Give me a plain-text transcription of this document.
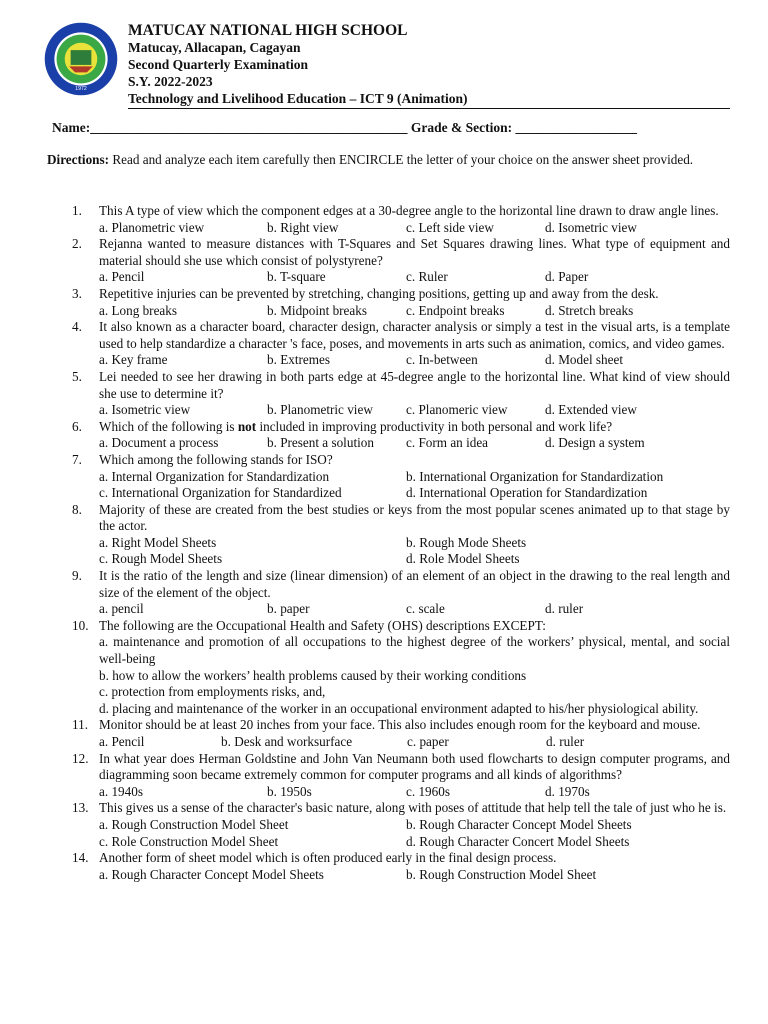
1972
MATUCAY NATIONAL HIGH SCHOOL
Matucay, Allacapan, Cagayan
Second Quarterly Examination
S.Y. 2022-2023
Technology and Livelihood Education – ICT 9 (Animation)
Name:_______________________________________________ Grade & Section: __________________
Directions: Read and analyze each item carefully then ENCIRCLE the letter of your choice on the answer sheet provided.
1.	This A type of view which the component edges at a 30-degree angle to the horizontal line drawn to draw angle lines.
a. Planometric view	b. Right view	c. Left side view	d. Isometric view
2.	Rejanna wanted to measure distances with T-Squares and Set Squares drawing lines. What type of equipment and material should she use which consist of polystyrene?
a. Pencil	b. T-square	c. Ruler	d. Paper
3.	Repetitive injuries can be prevented by stretching, changing positions, getting up and away from the desk.
a. Long breaks	b. Midpoint breaks	c. Endpoint breaks	d. Stretch breaks
4.	It also known as a character board, character design, character analysis or simply a test in the visual arts, is a template used to help standardize a character 's face, poses, and movements in arts such as animation, comics, and video games.
a. Key frame	b. Extremes	c. In-between	d. Model sheet
5.	Lei needed to see her drawing in both parts edge at 45-degree angle to the horizontal line. What kind of view should she use to determine it?
a. Isometric view	b. Planometric view	c. Planomeric view	d. Extended view
6.	Which of the following is not included in improving productivity in both personal and work life?
a. Document a process	b. Present a solution	c. Form an idea	d. Design a system
7.	Which among the following stands for ISO?
a. Internal Organization for Standardization	b. International Organization for Standardization
c. International Organization for Standardized	d. International Operation for Standardization
8.	Majority of these are created from the best studies or keys from the most popular scenes animated up to that stage by the actor.
a. Right Model Sheets	b. Rough Mode Sheets
c. Rough Model Sheets	d. Role Model Sheets
9.	It is the ratio of the length and size (linear dimension) of an element of an object in the drawing to the real length and size of the element of the object.
a. pencil	b. paper	c. scale	d. ruler
10. The following are the Occupational Health and Safety (OHS) descriptions EXCEPT:
a. maintenance and promotion of all occupations to the highest degree of the workers’ physical, mental, and social well-being
b. how to allow the workers’ health problems caused by their working conditions
c. protection from employments risks, and,
d. placing and maintenance of the worker in an occupational environment adapted to his/her physiological ability.
11. Monitor should be at least 20 inches from your face. This also includes enough room for the keyboard and mouse.
a. Pencil	b. Desk and worksurface	c. paper	d. ruler
12. In what year does Herman Goldstine and John Van Neumann both used flowcharts to design computer programs, and diagramming soon became extremely common for computer programs and all kinds of algorithms?
a. 1940s	b. 1950s	c. 1960s	d. 1970s
13. This gives us a sense of the character's basic nature, along with poses of attitude that help tell the tale of just who he is.
a. Rough Construction Model Sheet	b. Rough Character Concept Model Sheets
c. Role Construction Model Sheet	d. Rough Character Concert Model Sheets
14. Another form of sheet model which is often produced early in the final design process.
a. Rough Character Concept Model Sheets	b. Rough Construction Model Sheet
